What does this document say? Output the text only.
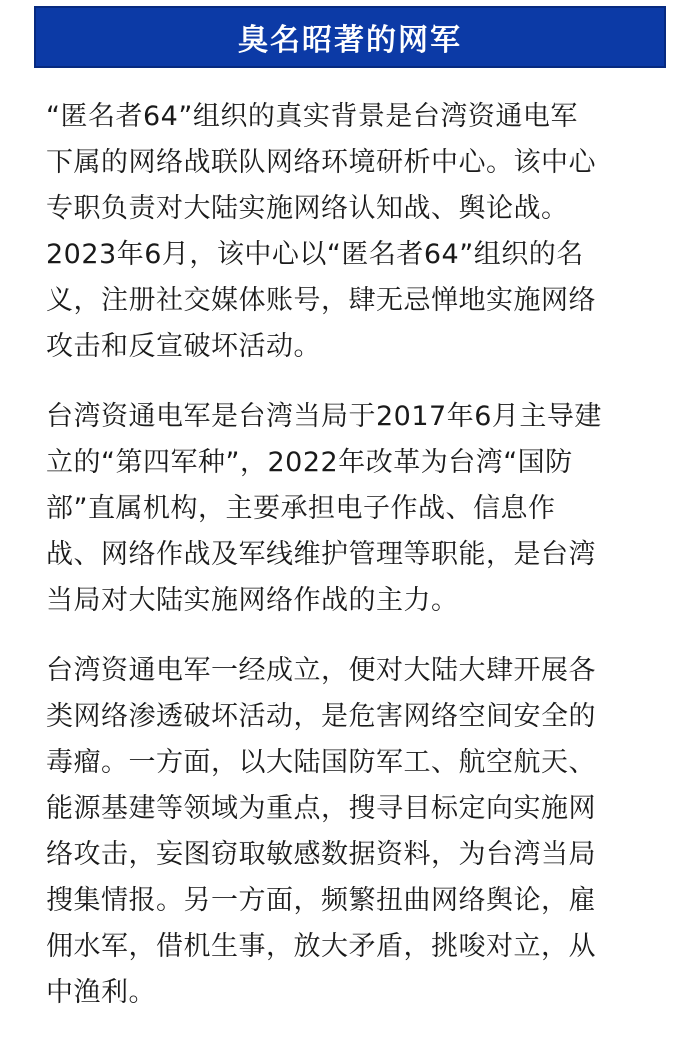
臭名昭著的网军

“匿名者64”组织的真实背景是台湾资通电军
下属的网络战联队网络环境研析中心。该中心
专职负责对大陆实施网络认知战、舆论战。
2023年6月，该中心以“匿名者64”组织的名
义，注册社交媒体账号，肆无忌惮地实施网络
攻击和反宣破坏活动。

台湾资通电军是台湾当局于2017年6月主导建
立的“第四军种”，2022年改革为台湾“国防
部”直属机构，主要承担电子作战、信息作
战、网络作战及军线维护管理等职能，是台湾
当局对大陆实施网络作战的主力。

台湾资通电军一经成立，便对大陆大肆开展各
类网络渗透破坏活动，是危害网络空间安全的
毒瘤。一方面，以大陆国防军工、航空航天、
能源基建等领域为重点，搜寻目标定向实施网
络攻击，妄图窃取敏感数据资料，为台湾当局
搜集情报。另一方面，频繁扭曲网络舆论，雇
佣水军，借机生事，放大矛盾，挑唆对立，从
中渔利。
